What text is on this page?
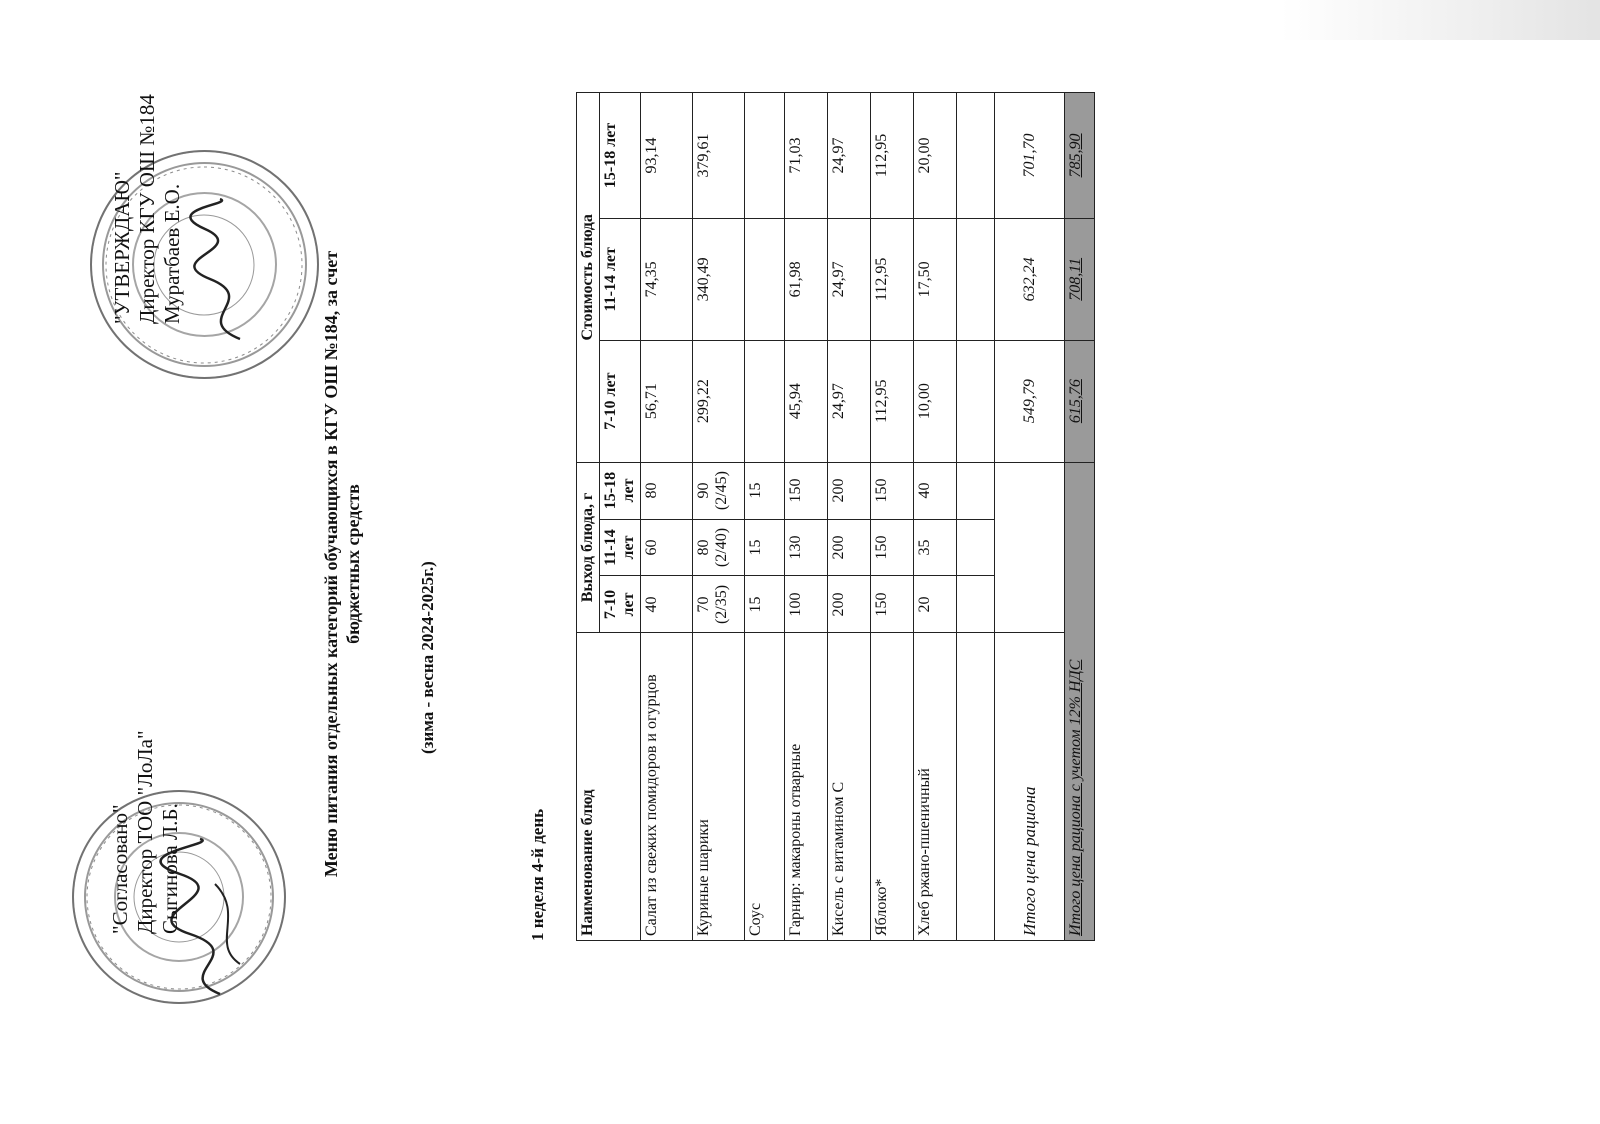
"Согласовано" Директор ТОО "ЛоЛа" Сыгинова Л.Б.
"УТВЕРЖДАЮ" Директор КГУ ОШ №184 Муратбаев Е.О.	Меню питания отдельных категорий обучающихся в КГУ ОШ №184, за счет бюджетных средств	(зима - весна 2024-2025г.)
1 неделя 4-й день Наименование блюд	Выход блюда, г			Стоимость блюда		
	7-10 лет	11-14 лет	15-18 лет	7-10 лет	11-14 лет	15-18 лет
Салат из свежих помидоров и огурцов	40	60	80	56,71	74,35	93,14
Куриные шарики	70 (2/35)	80 (2/40)	90 (2/45)	299,22	340,49	379,61
Соус	15	15	15			
Гарнир: макароны отварные	100	130	150	45,94	61,98	71,03
Кисель с витамином С	200	200	200	24,97	24,97	24,97
Яблоко*	150	150	150	112,95	112,95	112,95
Хлеб ржано-пшеничный	20	35	40	10,00	17,50	20,00

Итого цена рациона				549,79	632,24	701,70
Итого цена рациона с учетом 12% НДС				615,76	708,11	785,90
